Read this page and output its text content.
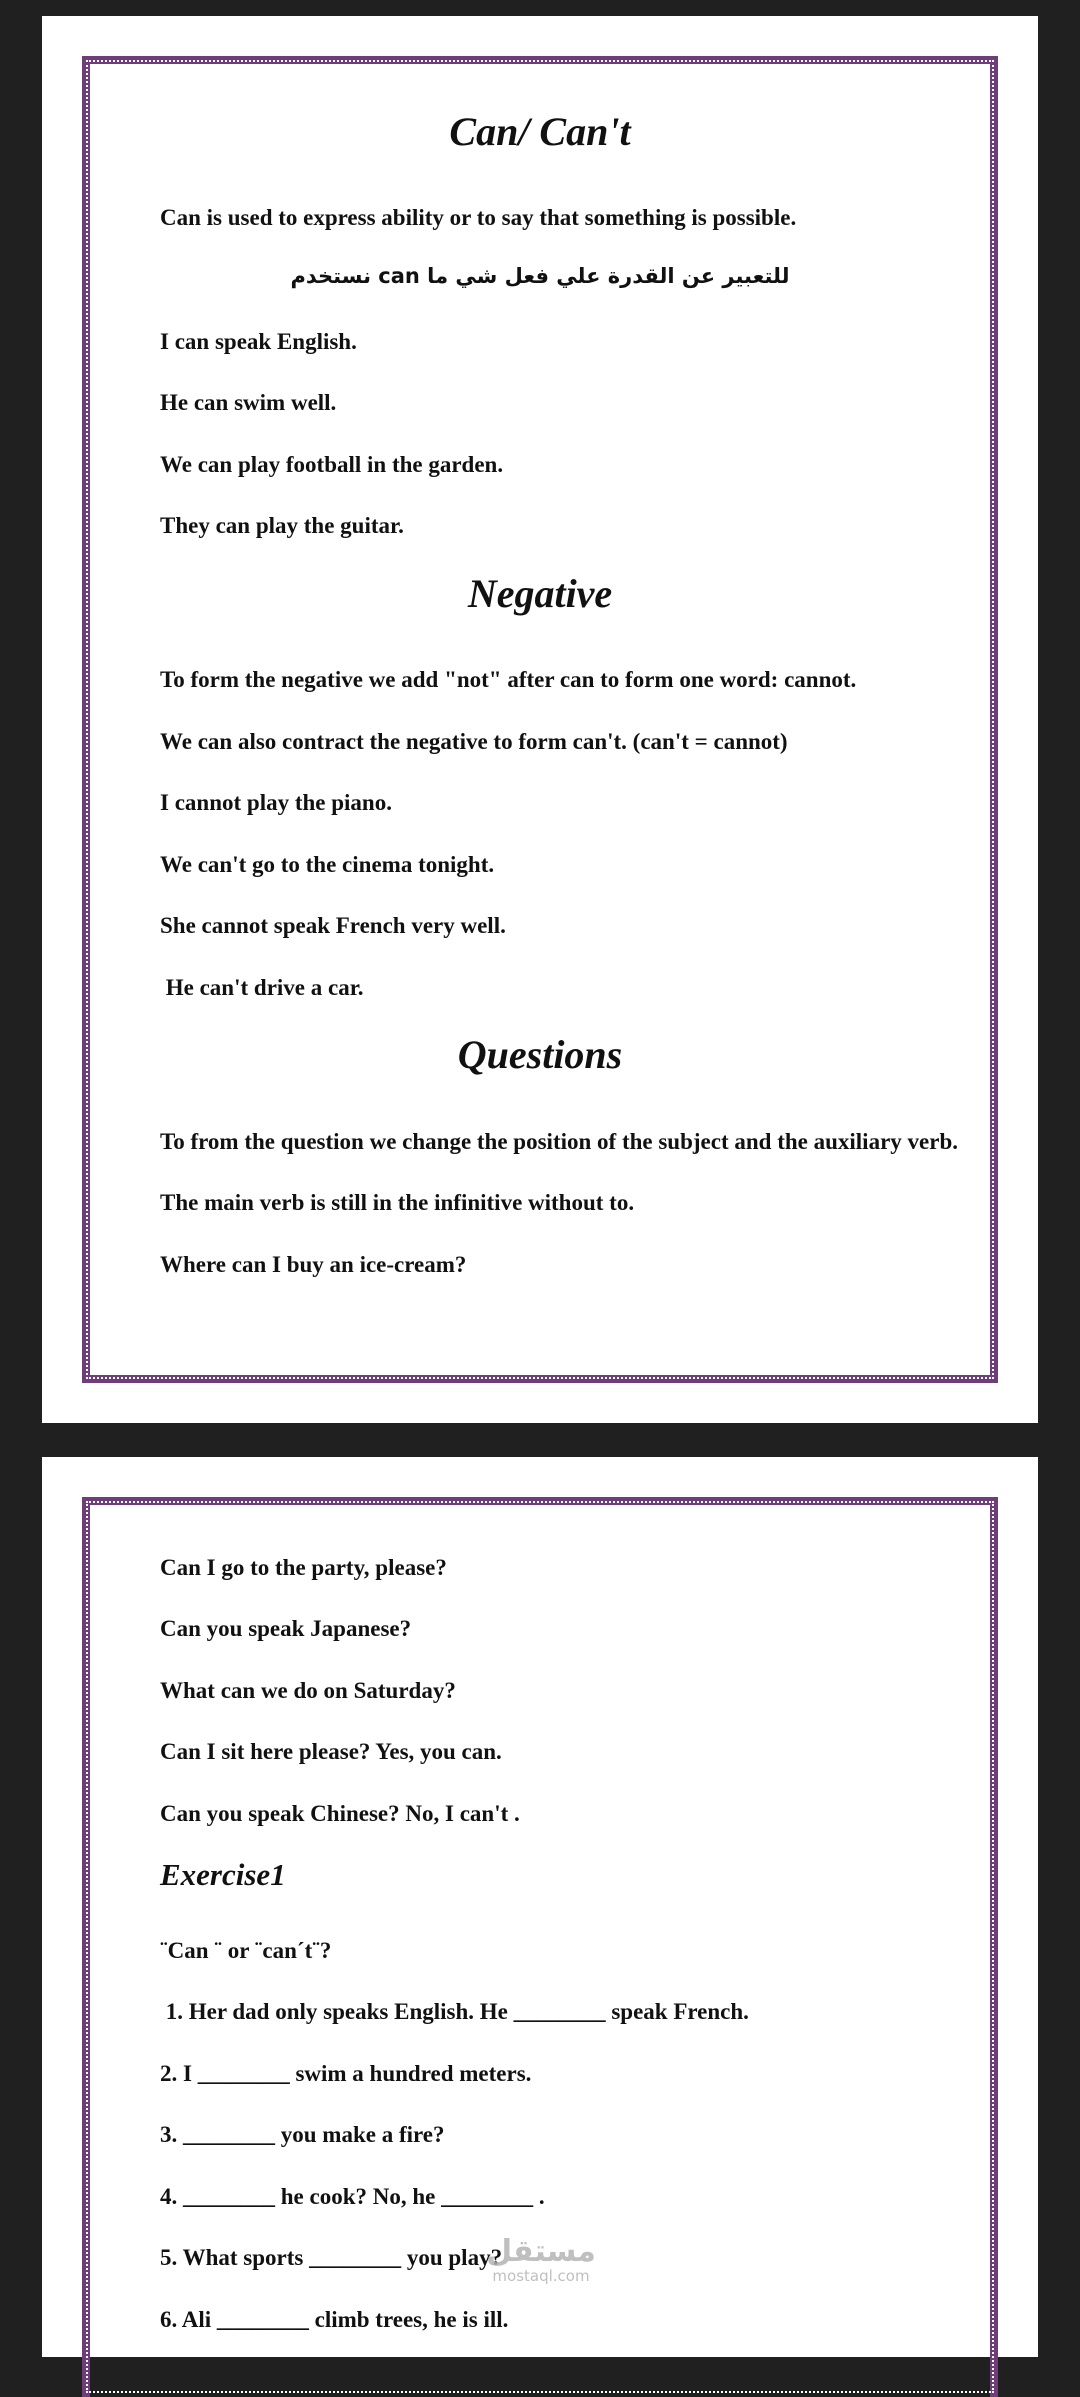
Can/ Can't
Can is used to express ability or to say that something is possible.
للتعبير عن القدرة علي فعل شي ما can نستخدم
I can speak English.
He can swim well.
We can play football in the garden.
They can play the guitar.
Negative
To form the negative we add "not" after can to form one word: cannot.
We can also contract the negative to form can't. (can't = cannot)
I cannot play the piano.
We can't go to the cinema tonight.
She cannot speak French very well.
He can't drive a car.
Questions
To from the question we change the position of the subject and the auxiliary verb.
The main verb is still in the infinitive without to.
Where can I buy an ice-cream?
Can I go to the party, please?
Can you speak Japanese?
What can we do on Saturday?
Can I sit here please? Yes, you can.
Can you speak Chinese? No, I can't .
Exercise1
¨Can ¨ or ¨can´t¨?
1. Her dad only speaks English. He ________ speak French.
2. I ________ swim a hundred meters.
3. ________ you make a fire?
4. ________ he cook? No, he ________ .
5. What sports ________ you play?
6. Ali ________ climb trees, he is ill.
مستقل
mostaql.com
